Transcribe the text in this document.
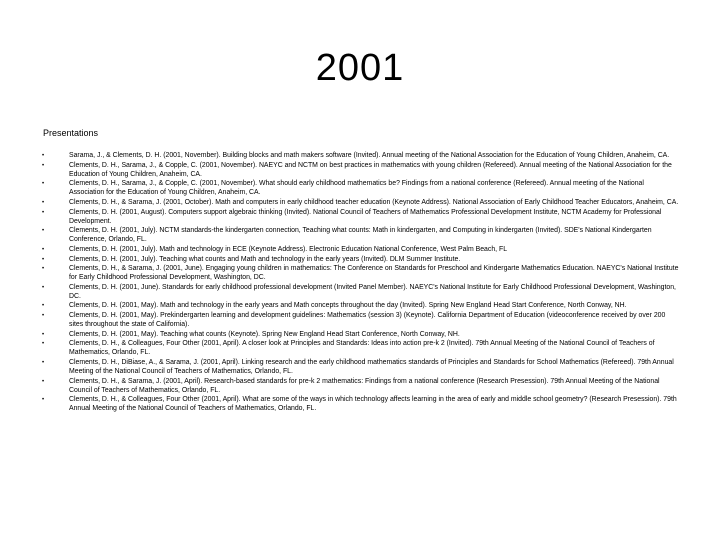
2001
Presentations
•	Sarama, J., & Clements, D. H. (2001, November). Building blocks and math makers software (Invited). Annual meeting of the National Association for the Education of Young Children, Anaheim, CA.
•	Clements, D. H., Sarama, J., & Copple, C. (2001, November). NAEYC and NCTM on best practices in mathematics with young children (Refereed). Annual meeting of the National Association for the Education of Young Children, Anaheim, CA.
•	Clements, D. H., Sarama, J., & Copple, C. (2001, November). What should early childhood mathematics be? Findings from a national conference (Refereed). Annual meeting of the National Association for the Education of Young Children, Anaheim, CA.
•	Clements, D. H., & Sarama, J. (2001, October). Math and computers in early childhood teacher education (Keynote Address). National Association of Early Childhood Teacher Educators, Anaheim, CA.
•	Clements, D. H. (2001, August). Computers support algebraic thinking (Invited). National Council of Teachers of Mathematics Professional Development Institute, NCTM Academy for Professional Development.
•	Clements, D. H. (2001, July). NCTM standards-the kindergarten connection, Teaching what counts: Math in kindergarten, and Computing in kindergarten (Invited). SDE's National Kindergarten Conference, Orlando, FL.
•	Clements, D. H. (2001, July). Math and technology in ECE (Keynote Address). Electronic Education National Conference, West Palm Beach, FL
•	Clements, D. H. (2001, July). Teaching what counts and Math and technology in the early years (Invited). DLM Summer Institute.
•	Clements, D. H., & Sarama, J. (2001, June). Engaging young children in mathematics: The Conference on Standards for Preschool and Kindergarte Mathematics Education. NAEYC's National Institute for Early Childhood Professional Development, Washington, DC.
•	Clements, D. H. (2001, June). Standards for early childhood professional development (Invited Panel Member). NAEYC's National Institute for Early Childhood Professional Development, Washington, DC.
•	Clements, D. H. (2001, May). Math and technology in the early years and Math concepts throughout the day (Invited). Spring New England Head Start Conference, North Conway, NH.
•	Clements, D. H. (2001, May). Prekindergarten learning and development guidelines: Mathematics (session 3) (Keynote). California Department of Education (videoconference received by over 200 sites throughout the state of California).
•	Clements, D. H. (2001, May). Teaching what counts (Keynote). Spring New England Head Start Conference, North Conway, NH.
•	Clements, D. H., & Colleagues, Four Other (2001, April). A closer look at Principles and Standards: Ideas into action pre-k 2 (Invited). 79th Annual Meeting of the National Council of Teachers of Mathematics, Orlando, FL.
•	Clements, D. H., DiBiase, A., & Sarama, J. (2001, April). Linking research and the early childhood mathematics standards of Principles and Standards for School Mathematics (Refereed). 79th Annual Meeting of the National Council of Teachers of Mathematics, Orlando, FL.
•	Clements, D. H., & Sarama, J. (2001, April). Research-based standards for pre-k 2 mathematics: Findings from a national conference (Research Presession). 79th Annual Meeting of the National Council of Teachers of Mathematics, Orlando, FL.
•	Clements, D. H., & Colleagues, Four Other (2001, April). What are some of the ways in which technology affects learning in the area of early and middle school geometry? (Research Presession). 79th Annual Meeting of the National Council of Teachers of Mathematics, Orlando, FL.
